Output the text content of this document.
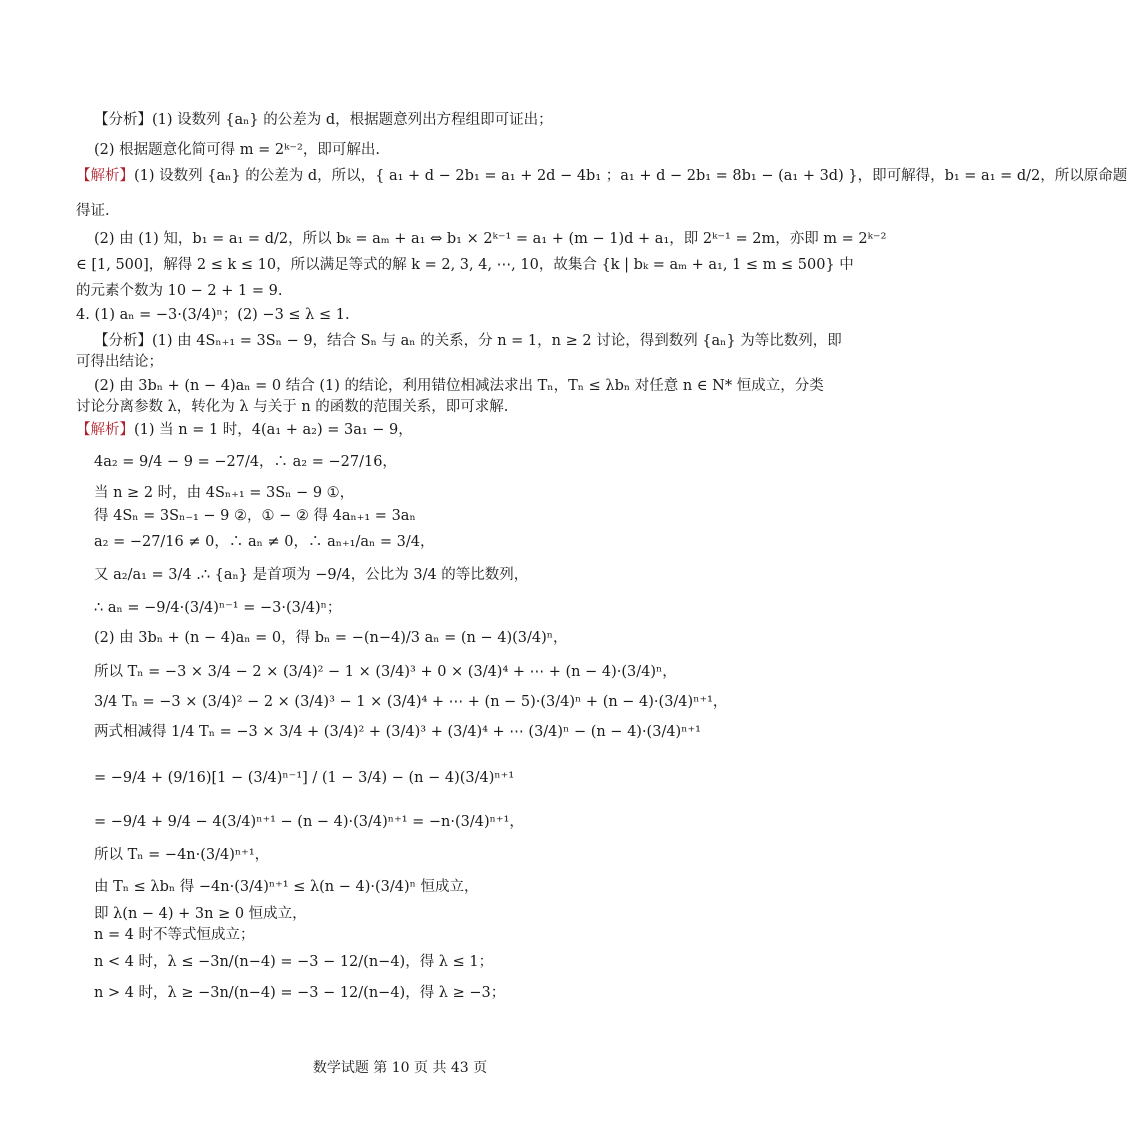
【分析】(1) 设数列 {aₙ} 的公差为 d，根据题意列出方程组即可证出；
(2) 根据题意化简可得 m = 2ᵏ⁻²，即可解出.
【解析】(1) 设数列 {aₙ} 的公差为 d，所以，{ a₁ + d − 2b₁ = a₁ + 2d − 4b₁ ；a₁ + d − 2b₁ = 8b₁ − (a₁ + 3d) }，即可解得，b₁ = a₁ = d/2，所以原命题
得证.
(2) 由 (1) 知，b₁ = a₁ = d/2，所以 bₖ = aₘ + a₁ ⇔ b₁ × 2ᵏ⁻¹ = a₁ + (m − 1)d + a₁，即 2ᵏ⁻¹ = 2m，亦即 m = 2ᵏ⁻²
∈ [1, 500]，解得 2 ≤ k ≤ 10，所以满足等式的解 k = 2, 3, 4, ⋯, 10，故集合 {k | bₖ = aₘ + a₁, 1 ≤ m ≤ 500} 中
的元素个数为 10 − 2 + 1 = 9.
4. (1) aₙ = −3·(3/4)ⁿ；(2) −3 ≤ λ ≤ 1.
【分析】(1) 由 4Sₙ₊₁ = 3Sₙ − 9，结合 Sₙ 与 aₙ 的关系，分 n = 1，n ≥ 2 讨论，得到数列 {aₙ} 为等比数列，即
可得出结论；
(2) 由 3bₙ + (n − 4)aₙ = 0 结合 (1) 的结论，利用错位相减法求出 Tₙ，Tₙ ≤ λbₙ 对任意 n ∈ N* 恒成立，分类
讨论分离参数 λ，转化为 λ 与关于 n 的函数的范围关系，即可求解.
【解析】(1) 当 n = 1 时，4(a₁ + a₂) = 3a₁ − 9，
4a₂ = 9/4 − 9 = −27/4，∴ a₂ = −27/16，
当 n ≥ 2 时，由 4Sₙ₊₁ = 3Sₙ − 9 ①，
得 4Sₙ = 3Sₙ₋₁ − 9 ②，① − ② 得 4aₙ₊₁ = 3aₙ
a₂ = −27/16 ≠ 0，∴ aₙ ≠ 0，∴ aₙ₊₁/aₙ = 3/4，
又 a₂/a₁ = 3/4 .∴ {aₙ} 是首项为 −9/4，公比为 3/4 的等比数列，
∴ aₙ = −9/4·(3/4)ⁿ⁻¹ = −3·(3/4)ⁿ；
(2) 由 3bₙ + (n − 4)aₙ = 0，得 bₙ = −(n−4)/3 aₙ = (n − 4)(3/4)ⁿ，
所以 Tₙ = −3 × 3/4 − 2 × (3/4)² − 1 × (3/4)³ + 0 × (3/4)⁴ + ⋯ + (n − 4)·(3/4)ⁿ，
3/4 Tₙ = −3 × (3/4)² − 2 × (3/4)³ − 1 × (3/4)⁴ + ⋯ + (n − 5)·(3/4)ⁿ + (n − 4)·(3/4)ⁿ⁺¹，
两式相减得 1/4 Tₙ = −3 × 3/4 + (3/4)² + (3/4)³ + (3/4)⁴ + ⋯ (3/4)ⁿ − (n − 4)·(3/4)ⁿ⁺¹
= −9/4 + (9/16)[1 − (3/4)ⁿ⁻¹] / (1 − 3/4) − (n − 4)(3/4)ⁿ⁺¹
= −9/4 + 9/4 − 4(3/4)ⁿ⁺¹ − (n − 4)·(3/4)ⁿ⁺¹ = −n·(3/4)ⁿ⁺¹，
所以 Tₙ = −4n·(3/4)ⁿ⁺¹，
由 Tₙ ≤ λbₙ 得 −4n·(3/4)ⁿ⁺¹ ≤ λ(n − 4)·(3/4)ⁿ 恒成立，
即 λ(n − 4) + 3n ≥ 0 恒成立，
n = 4 时不等式恒成立；
n < 4 时，λ ≤ −3n/(n−4) = −3 − 12/(n−4)，得 λ ≤ 1；
n > 4 时，λ ≥ −3n/(n−4) = −3 − 12/(n−4)，得 λ ≥ −3；
数学试题 第 10 页 共 43 页
